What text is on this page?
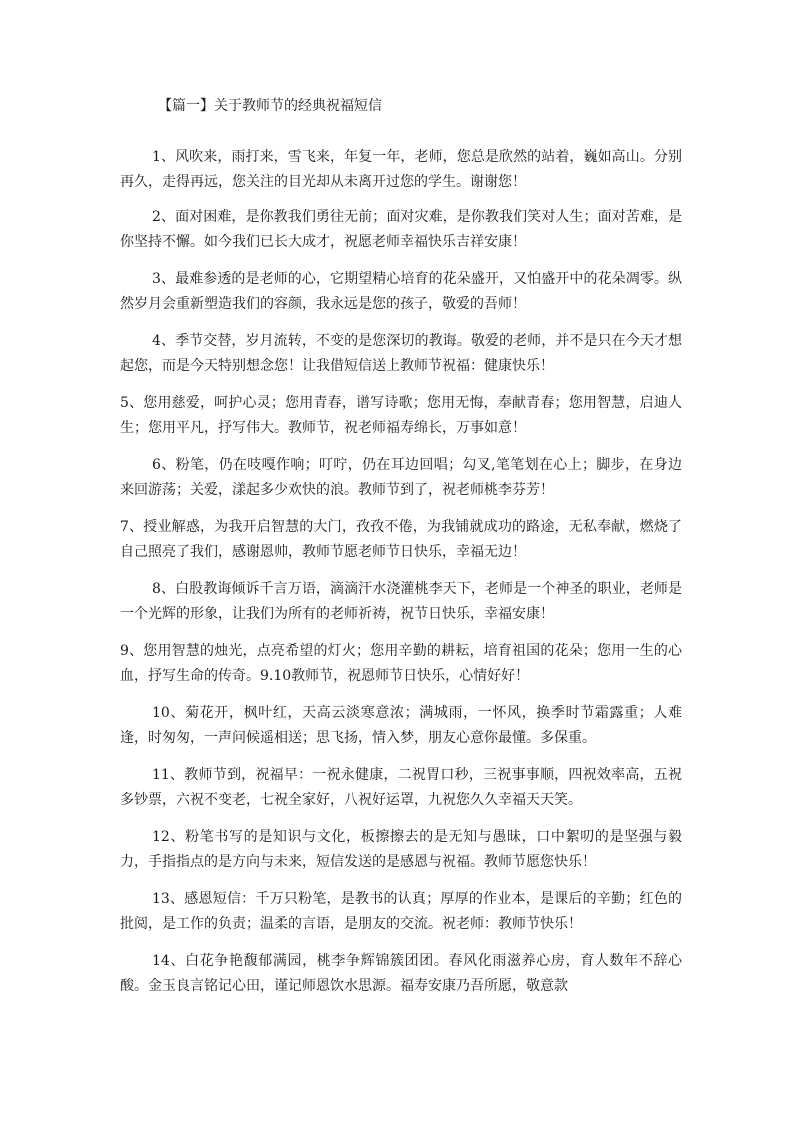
【篇一】关于教师节的经典祝福短信

1、风吹来，雨打来，雪飞来，年复一年，老师，您总是欣然的站着，巍如高山。分别再久，走得再远，您关注的目光却从未离开过您的学生。谢谢您！

2、面对困难，是你教我们勇往无前；面对灾难，是你教我们笑对人生；面对苦难，是你坚持不懈。如今我们已长大成才，祝愿老师幸福快乐吉祥安康！

3、最难参透的是老师的心，它期望精心培育的花朵盛开，又怕盛开中的花朵凋零。纵然岁月会重新塑造我们的容颜，我永远是您的孩子，敬爱的吾师！

4、季节交替，岁月流转，不变的是您深切的教诲。敬爱的老师，并不是只在今天才想起您，而是今天特别想念您！让我借短信送上教师节祝福：健康快乐！

5、您用慈爱，呵护心灵；您用青春，谱写诗歌；您用无悔，奉献青春；您用智慧，启迪人生；您用平凡，抒写伟大。教师节，祝老师福寿绵长，万事如意！

6、粉笔，仍在吱嘎作响；叮咛，仍在耳边回唱；勾叉,笔笔划在心上；脚步，在身边来回游荡；关爱，漾起多少欢快的浪。教师节到了，祝老师桃李芬芳！

7、授业解惑，为我开启智慧的大门，孜孜不倦，为我铺就成功的路途，无私奉献，燃烧了自己照亮了我们，感谢恩帅，教师节愿老师节日快乐，幸福无边！

8、白股教诲倾诉千言万语，滴滴汗水浇灌桃李天下，老师是一个神圣的职业，老师是一个光辉的形象，让我们为所有的老师祈祷，祝节日快乐，幸福安康！

9、您用智慧的烛光，点亮希望的灯火；您用辛勤的耕耘，培育祖国的花朵；您用一生的心血，抒写生命的传奇。9.10教师节，祝恩师节日快乐，心情好好！

10、菊花开，枫叶红，天高云淡寒意浓；满城雨，一怀风，换季时节霜露重；人难逢，时匆匆，一声问候遥相送；思飞扬，情入梦，朋友心意你最懂。多保重。

11、教师节到，祝福早：一祝永健康，二祝胃口秒，三祝事事顺，四祝效率高，五祝多钞票，六祝不变老，七祝全家好，八祝好运罩，九祝您久久幸福天天笑。

12、粉笔书写的是知识与文化，板擦擦去的是无知与愚昧，口中絮叨的是坚强与毅力，手指指点的是方向与未来，短信发送的是感恩与祝福。教师节愿您快乐！

13、感恩短信：千万只粉笔，是教书的认真；厚厚的作业本，是课后的辛勤；红色的批阅，是工作的负责；温柔的言语，是朋友的交流。祝老师：教师节快乐！

14、白花争艳馥郁满园，桃李争辉锦簇团团。春风化雨滋养心房，育人数年不辞心酸。金玉良言铭记心田，谨记师恩饮水思源。福寿安康乃吾所愿，敬意款
